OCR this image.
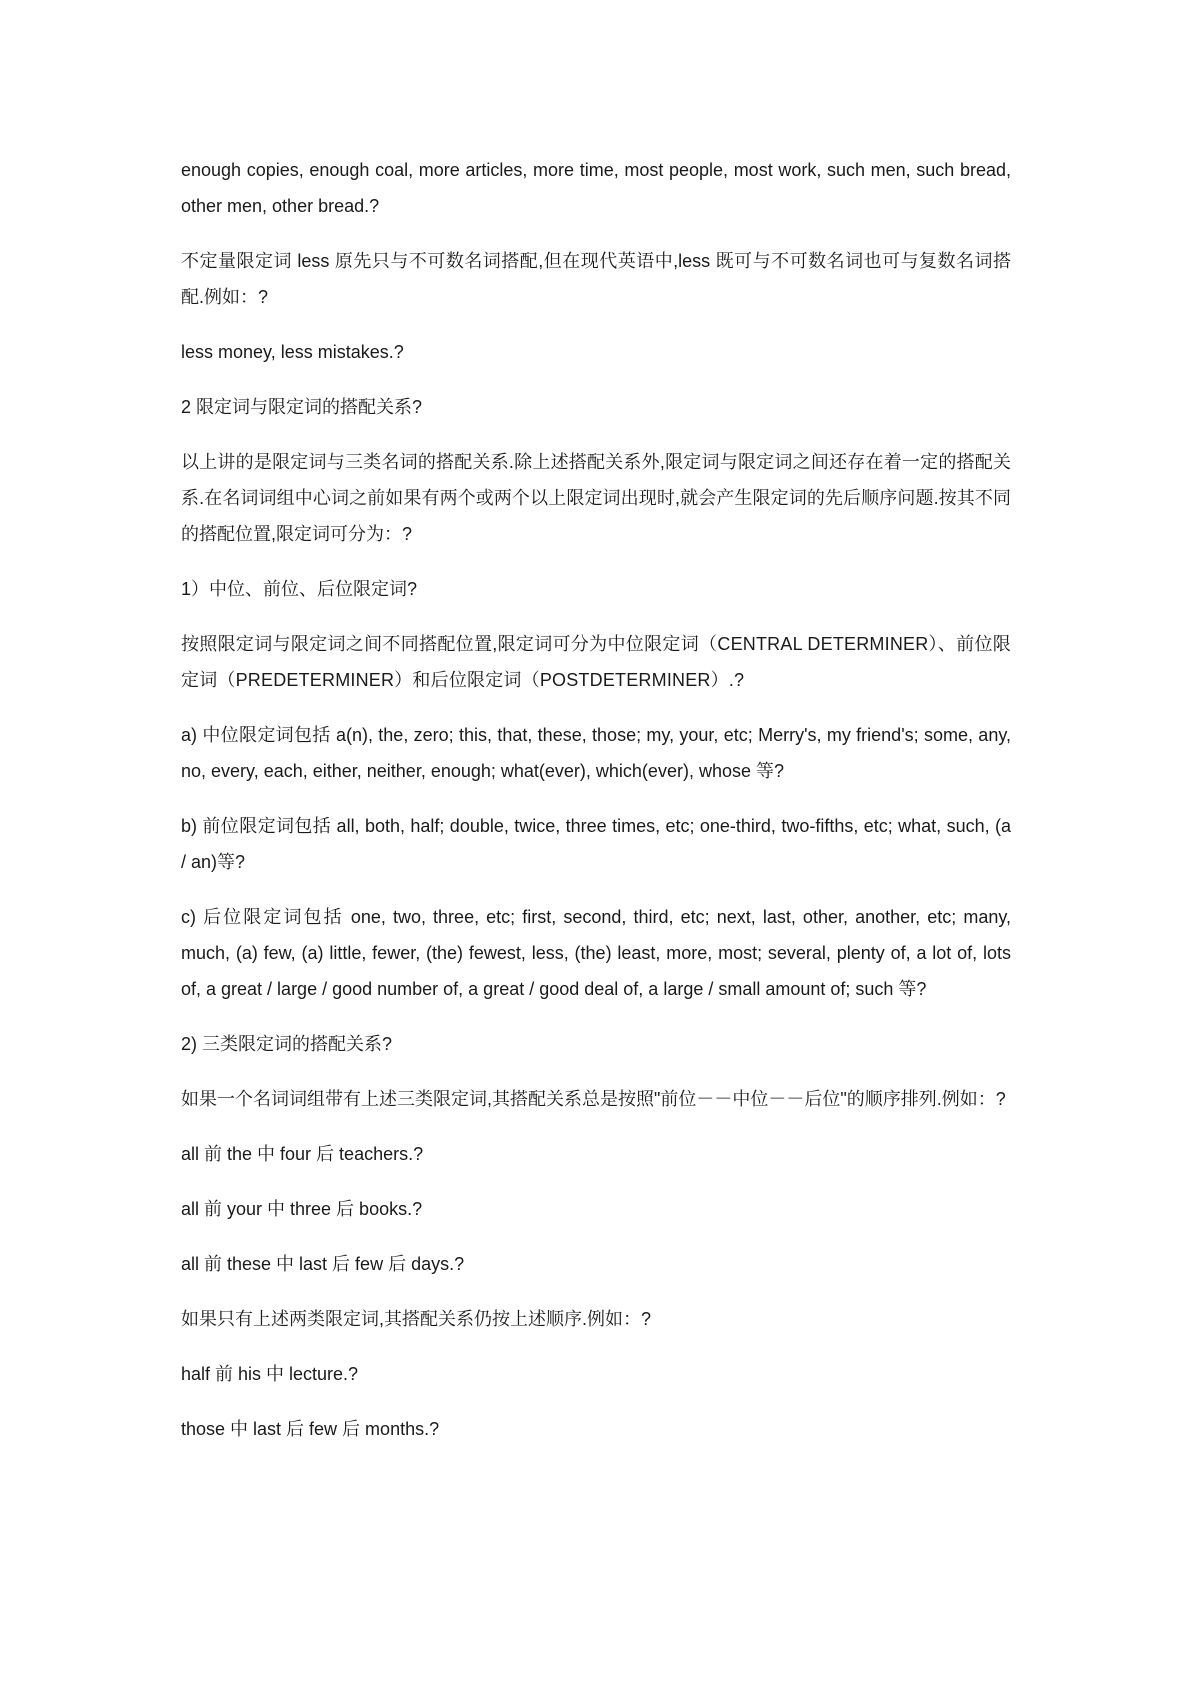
enough copies, enough coal, more articles, more time, most people, most work, such men, such bread, other men, other bread.?

不定量限定词 less 原先只与不可数名词搭配,但在现代英语中,less 既可与不可数名词也可与复数名词搭配.例如：?

less money, less mistakes.?

2 限定词与限定词的搭配关系?

以上讲的是限定词与三类名词的搭配关系.除上述搭配关系外,限定词与限定词之间还存在着一定的搭配关系.在名词词组中心词之前如果有两个或两个以上限定词出现时,就会产生限定词的先后顺序问题.按其不同的搭配位置,限定词可分为：?

1）中位、前位、后位限定词?

按照限定词与限定词之间不同搭配位置,限定词可分为中位限定词（CENTRAL DETERMINER）、前位限定词（PREDETERMINER）和后位限定词（POSTDETERMINER）.?

a) 中位限定词包括 a(n), the, zero; this, that, these, those; my, your, etc; Merry's, my friend's; some, any, no, every, each, either, neither, enough; what(ever), which(ever), whose 等?

b) 前位限定词包括 all, both, half; double, twice, three times, etc; one-third, two-fifths, etc; what, such, (a / an)等?

c) 后位限定词包括 one, two, three, etc; first, second, third, etc; next, last, other, another, etc; many, much, (a) few, (a) little, fewer, (the) fewest, less, (the) least, more, most; several, plenty of, a lot of, lots of, a great / large / good number of, a great / good deal of, a large / small amount of; such 等?

2) 三类限定词的搭配关系?

如果一个名词词组带有上述三类限定词,其搭配关系总是按照"前位－－中位－－后位"的顺序排列.例如：?

all 前 the 中 four 后 teachers.?

all 前 your 中 three 后 books.?

all 前 these 中 last 后 few 后 days.?

如果只有上述两类限定词,其搭配关系仍按上述顺序.例如：?

half 前 his 中 lecture.?

those 中 last 后 few 后 months.?
